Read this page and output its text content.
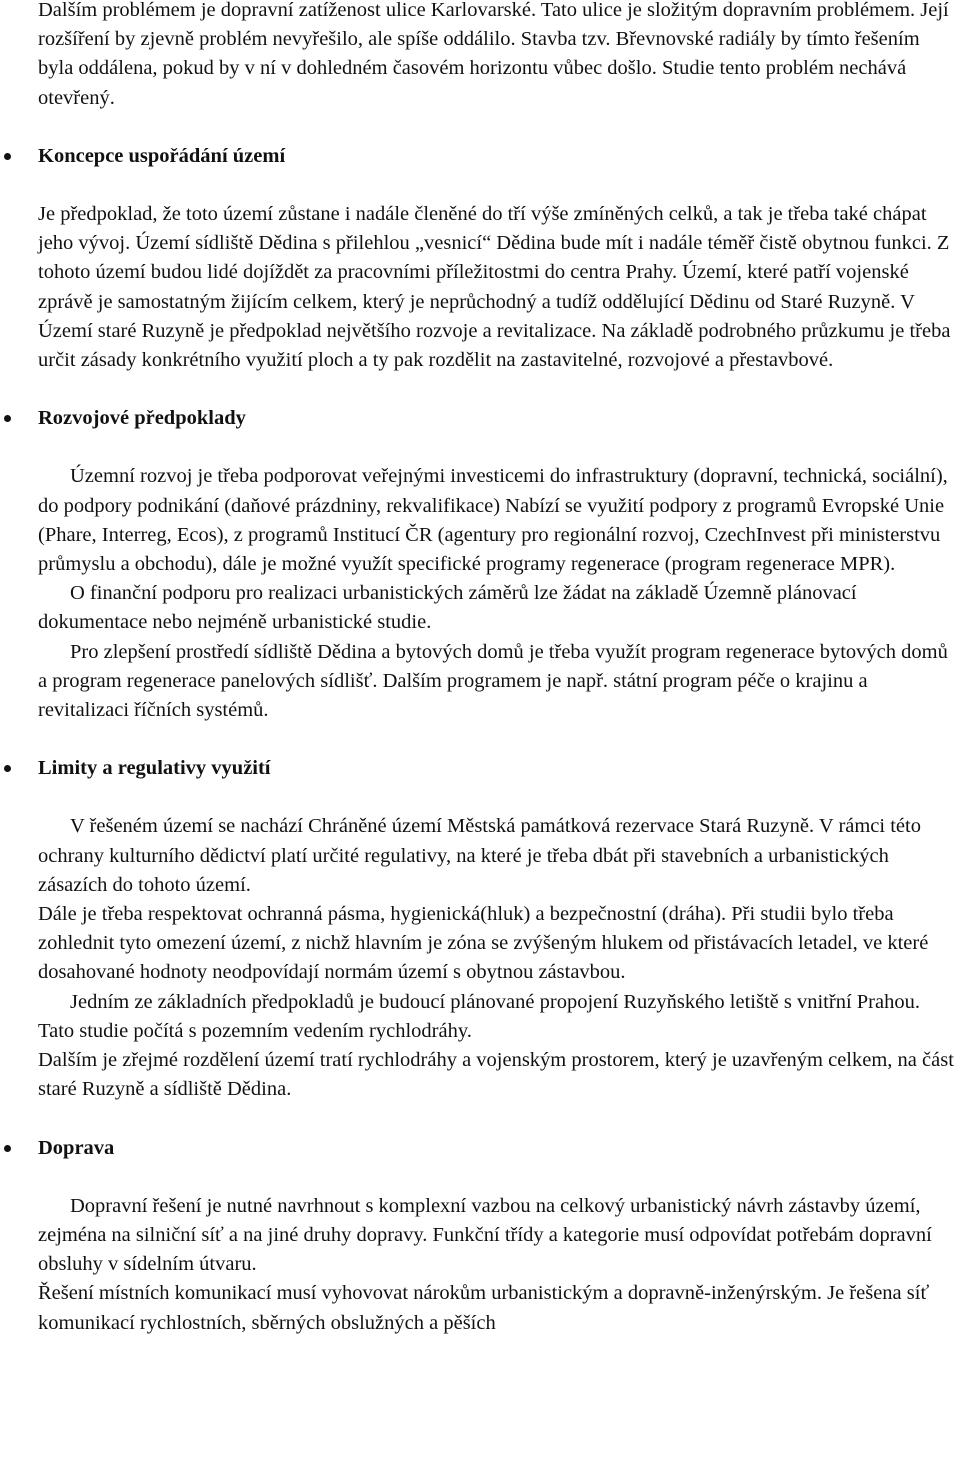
Dalším problémem je dopravní zatíženost ulice Karlovarské. Tato ulice je složitým dopravním problémem. Její rozšíření by zjevně problém nevyřešilo, ale spíše oddálilo. Stavba tzv. Břevnovské radiály by tímto řešením byla oddálena, pokud by v ní v dohledném časovém horizontu vůbec došlo. Studie tento problém nechává otevřený.

Koncepce uspořádání území

Je předpoklad, že toto území zůstane i nadále členěné do tří výše zmíněných celků, a tak je třeba také chápat jeho vývoj. Území sídliště Dědina s přilehlou „vesnicí“ Dědina bude mít i nadále téměř čistě obytnou funkci. Z tohoto území budou lidé dojíždět za pracovními příležitostmi do centra Prahy. Území, které patří vojenské zprávě je samostatným žijícím celkem, který je neprůchodný a tudíž oddělující Dědinu od Staré Ruzyně. V Území staré Ruzyně je předpoklad největšího rozvoje a revitalizace. Na základě podrobného průzkumu je třeba určit zásady konkrétního využití ploch a ty pak rozdělit na zastavitelné, rozvojové a přestavbové.

Rozvojové předpoklady

Územní rozvoj je třeba podporovat veřejnými investicemi do infrastruktury (dopravní, technická, sociální), do podpory podnikání (daňové prázdniny, rekvalifikace) Nabízí se využití podpory z programů Evropské Unie (Phare, Interreg, Ecos), z programů Institucí ČR (agentury pro regionální rozvoj, CzechInvest při ministerstvu průmyslu a obchodu), dále je možné využít specifické programy regenerace (program regenerace MPR).

O finanční podporu pro realizaci urbanistických záměrů lze žádat na základě Územně plánovací dokumentace nebo nejméně urbanistické studie.

Pro zlepšení prostředí sídliště Dědina a bytových domů je třeba využít program regenerace bytových domů a program regenerace panelových sídlišť. Dalším programem je např. státní program péče o krajinu a revitalizaci říčních systémů.

Limity a regulativy využití

V řešeném území se nachází Chráněné území Městská památková rezervace Stará Ruzyně. V rámci této ochrany kulturního dědictví platí určité regulativy, na které je třeba dbát při stavebních a urbanistických zásazích do tohoto území.

Dále je třeba respektovat ochranná pásma, hygienická(hluk) a bezpečnostní (dráha). Při studii bylo třeba zohlednit tyto omezení území, z nichž hlavním je zóna se zvýšeným hlukem od přistávacích letadel, ve které dosahované hodnoty neodpovídají normám území s obytnou zástavbou.

Jedním ze základních předpokladů je budoucí plánované propojení Ruzyňského letiště s vnitřní Prahou. Tato studie počítá s pozemním vedením rychlodráhy.

Dalším je zřejmé rozdělení území tratí rychlodráhy a vojenským prostorem, který je uzavřeným celkem, na část staré Ruzyně a sídliště Dědina.

Doprava

Dopravní řešení je nutné navrhnout s komplexní vazbou na celkový urbanistický návrh zástavby území, zejména na silniční síť a na jiné druhy dopravy. Funkční třídy a kategorie musí odpovídat potřebám dopravní obsluhy v sídelním útvaru.

Řešení místních komunikací musí vyhovovat nárokům urbanistickým a dopravně-inženýrským. Je řešena síť komunikací rychlostních, sběrných obslužných a pěších
